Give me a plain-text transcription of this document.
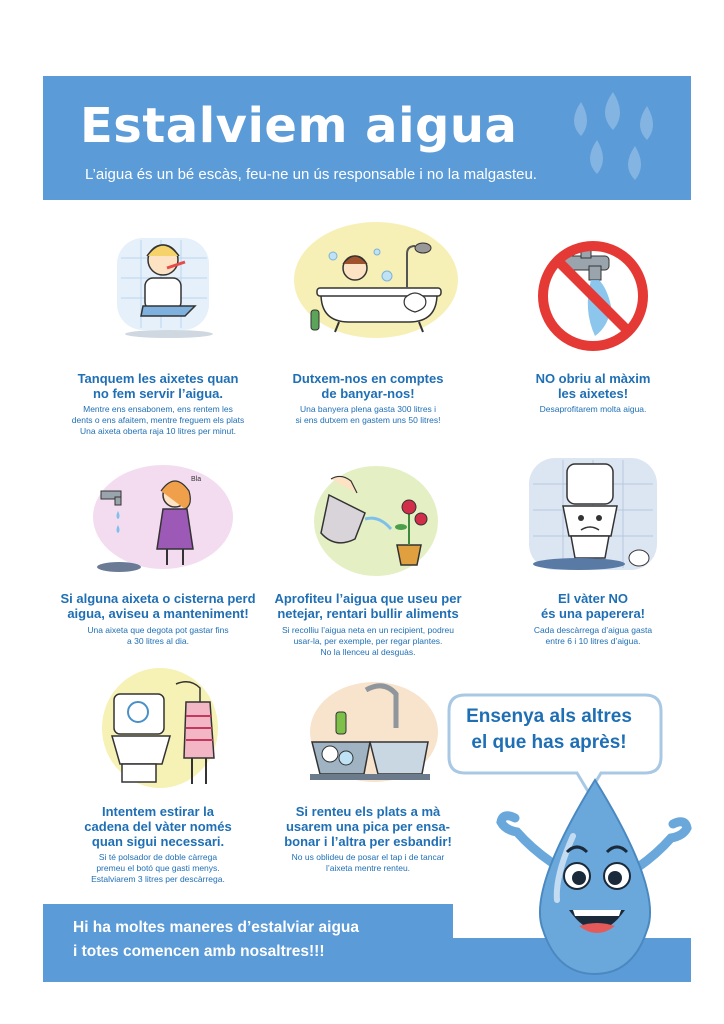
Estalviem aigua
L’aigua és un bé escàs, feu-ne un ús responsable i no la malgasteu.
Tanquem les aixetes quan
no fem servir l’aigua.
Mentre ens ensabonem, ens rentem les
dents o ens afaitem, mentre freguem els plats
Una aixeta oberta raja 10 litres per minut.
Dutxem-nos en comptes
de banyar-nos!
Una banyera plena gasta 300 litres i
si ens dutxem en gastem uns 50 litres!
NO obriu al màxim
les aixetes!
Desaprofitarem molta aigua.
Bla
Si alguna aixeta o cisterna perd
aigua, aviseu a manteniment!
Una aixeta que degota pot gastar fins
a 30 litres al dia.
Aprofiteu l’aigua que useu per
netejar, rentari bullir aliments
Si recolliu l’aigua neta en un recipient, podreu
usar-la, per exemple, per regar plantes.
No la llenceu al desguàs.
El vàter NO
és una paperera!
Cada descàrrega d’aigua gasta
entre 6 i 10 litres d’aigua.
Intentem estirar la
cadena del vàter només
quan sigui necessari.
Si té polsador de doble càrrega
premeu el botó que gasti menys.
Estalviarem 3 litres per descàrrega.
Si renteu els plats a mà
usarem una pica per ensa-
bonar i l’altra per esbandir!
No us oblideu de posar el tap i de tancar
l’aixeta mentre renteu.
Ensenya als altres
el que has après!
Hi ha moltes maneres d’estalviar aigua
i totes comencen amb nosaltres!!!
